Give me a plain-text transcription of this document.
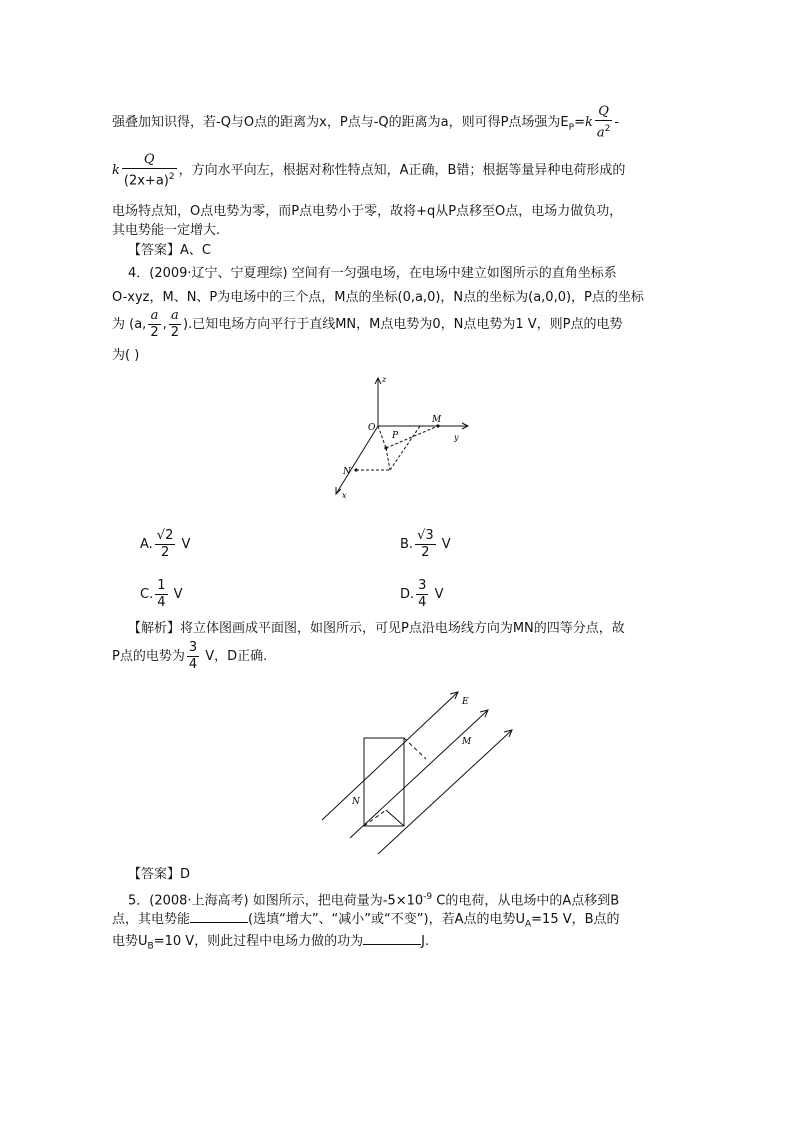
强叠加知识得，若-Q与O点的距离为x，P点与-Q的距离为a，则可得P点场强为$E_P=k \frac{Q}{a^2}$ -
k $\frac{Q}{(2x+a)^2}$ ，方向水平向左，根据对称性特点知，A正确，B错；根据等量异种电荷形成的
电场特点知，O点电势为零，而P点电势小于零，故将+q从P点移至O点，电场力做负功，
其电势能一定增大.
【答案】A、C
4．(2009·辽宁、宁夏理综) 空间有一匀强电场，在电场中建立如图所示的直角坐标系
O-xyz，M、N、P为电场中的三个点，M点的坐标(0,a,0)，N点的坐标为(a,0,0)，P点的坐标
为 (a, $\frac{a}{2}$ , $\frac{a}{2}$ ).已知电场方向平行于直线MN，M点电势为0，N点电势为1 V，则P点的电势
为( )
z
y
x
O
M
N
P
A. $\frac{√2}{2}$ V	B. $\frac{√3}{2}$ V
C. $\frac{1}{4}$ V	D. $\frac{3}{4}$ V
【解析】将立体图画成平面图，如图所示，可见P点沿电场线方向为MN的四等分点，故
P点的电势为 $\frac{3}{4}$ V，D正确.
E
M
N
【答案】D
5．(2008·上海高考) 如图所示，把电荷量为$-5\times 10^{-9}$ C的电荷，从电场中的A点移到B
点，其电势能	(选填“增大”、“减小”或“不变”)，若A点的电势$U_A=15$ V，B点的
电势$U_B=10$ V，则此过程中电场力做的功为	J.
